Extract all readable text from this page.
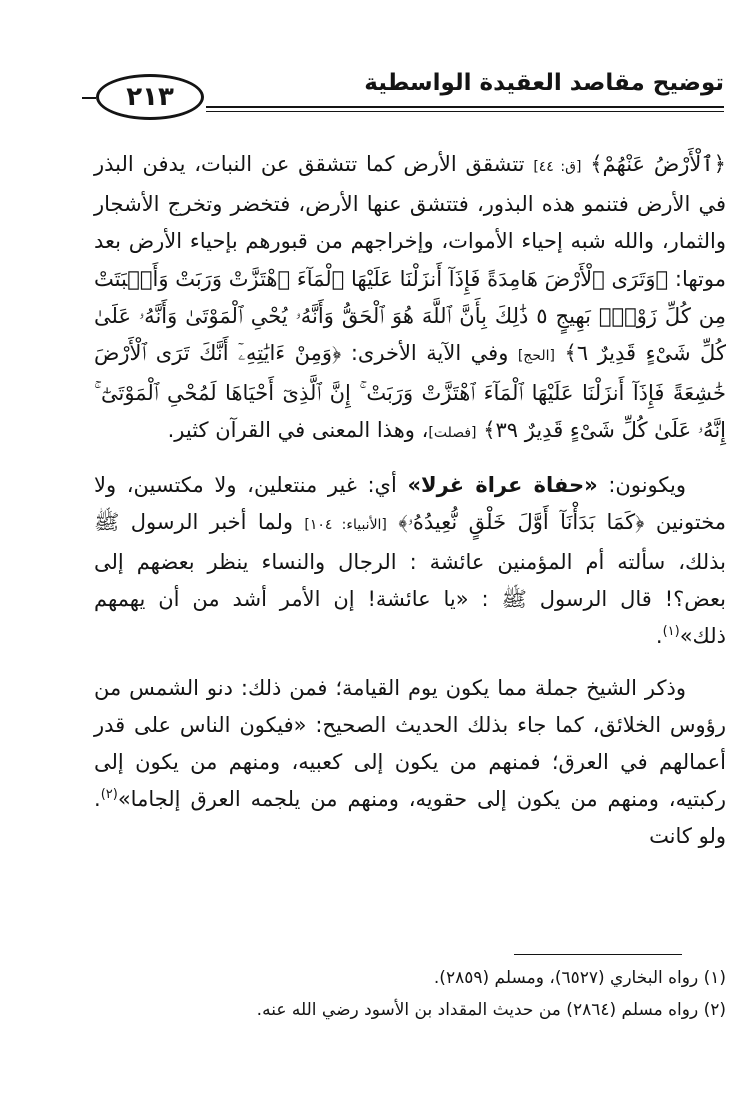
توضيح مقاصد العقيدة الواسطية
٢١٣

﴿ٱلْأَرْضُ عَنْهُمْ﴾ [ق: ٤٤] تتشقق الأرض كما تتشقق عن النبات، يدفن البذر في الأرض فتنمو هذه البذور، فتتشق عنها الأرض، فتخضر وتخرج الأشجار والثمار، والله شبه إحياء الأموات، وإخراجهم من قبورهم بإحياء الأرض بعد موتها: ﴿وَتَرَى ٱلْأَرْضَ هَامِدَةً فَإِذَآ أَنزَلْنَا عَلَيْهَا ٱلْمَآءَ ٱهْتَزَّتْ وَرَبَتْ وَأَنۢبَتَتْ مِن كُلِّ زَوْجٍۭ بَهِيجٍ ٥ ذَٰلِكَ بِأَنَّ ٱللَّهَ هُوَ ٱلْحَقُّ وَأَنَّهُۥ يُحْىِ ٱلْمَوْتَىٰ وَأَنَّهُۥ عَلَىٰ كُلِّ شَىْءٍ قَدِيرٌ ٦﴾ [الحج] وفي الآية الأخرى: ﴿وَمِنْ ءَايَٰتِهِۦٓ أَنَّكَ تَرَى ٱلْأَرْضَ خَٰشِعَةً فَإِذَآ أَنزَلْنَا عَلَيْهَا ٱلْمَآءَ ٱهْتَزَّتْ وَرَبَتْ ۚ إِنَّ ٱلَّذِىٓ أَحْيَاهَا لَمُحْىِ ٱلْمَوْتَىٰٓ ۚ إِنَّهُۥ عَلَىٰ كُلِّ شَىْءٍ قَدِيرٌ ٣٩﴾ [فصلت]، وهذا المعنى في القرآن كثير.

ويكونون: «حفاة عراة غرلا» أي: غير منتعلين، ولا مكتسين، ولا مختونين ﴿كَمَا بَدَأْنَآ أَوَّلَ خَلْقٍ نُّعِيدُهُۥ﴾ [الأنبياء: ١٠٤] ولما أخبر الرسول ﷺ بذلك، سألته أم المؤمنين عائشة : الرجال والنساء ينظر بعضهم إلى بعض؟! قال الرسول ﷺ : «يا عائشة! إن الأمر أشد من أن يهمهم ذلك»$^{(١)}$.

وذكر الشيخ جملة مما يكون يوم القيامة؛ فمن ذلك: دنو الشمس من رؤوس الخلائق، كما جاء بذلك الحديث الصحيح: «فيكون الناس على قدر أعمالهم في العرق؛ فمنهم من يكون إلى كعبيه، ومنهم من يكون إلى ركبتيه، ومنهم من يكون إلى حقويه، ومنهم من يلجمه العرق إلجاما»$^{(٢)}$. ولو كانت

(١) رواه البخاري (٦٥٢٧)، ومسلم (٢٨٥٩).

(٢) رواه مسلم (٢٨٦٤) من حديث المقداد بن الأسود رضي الله عنه.
